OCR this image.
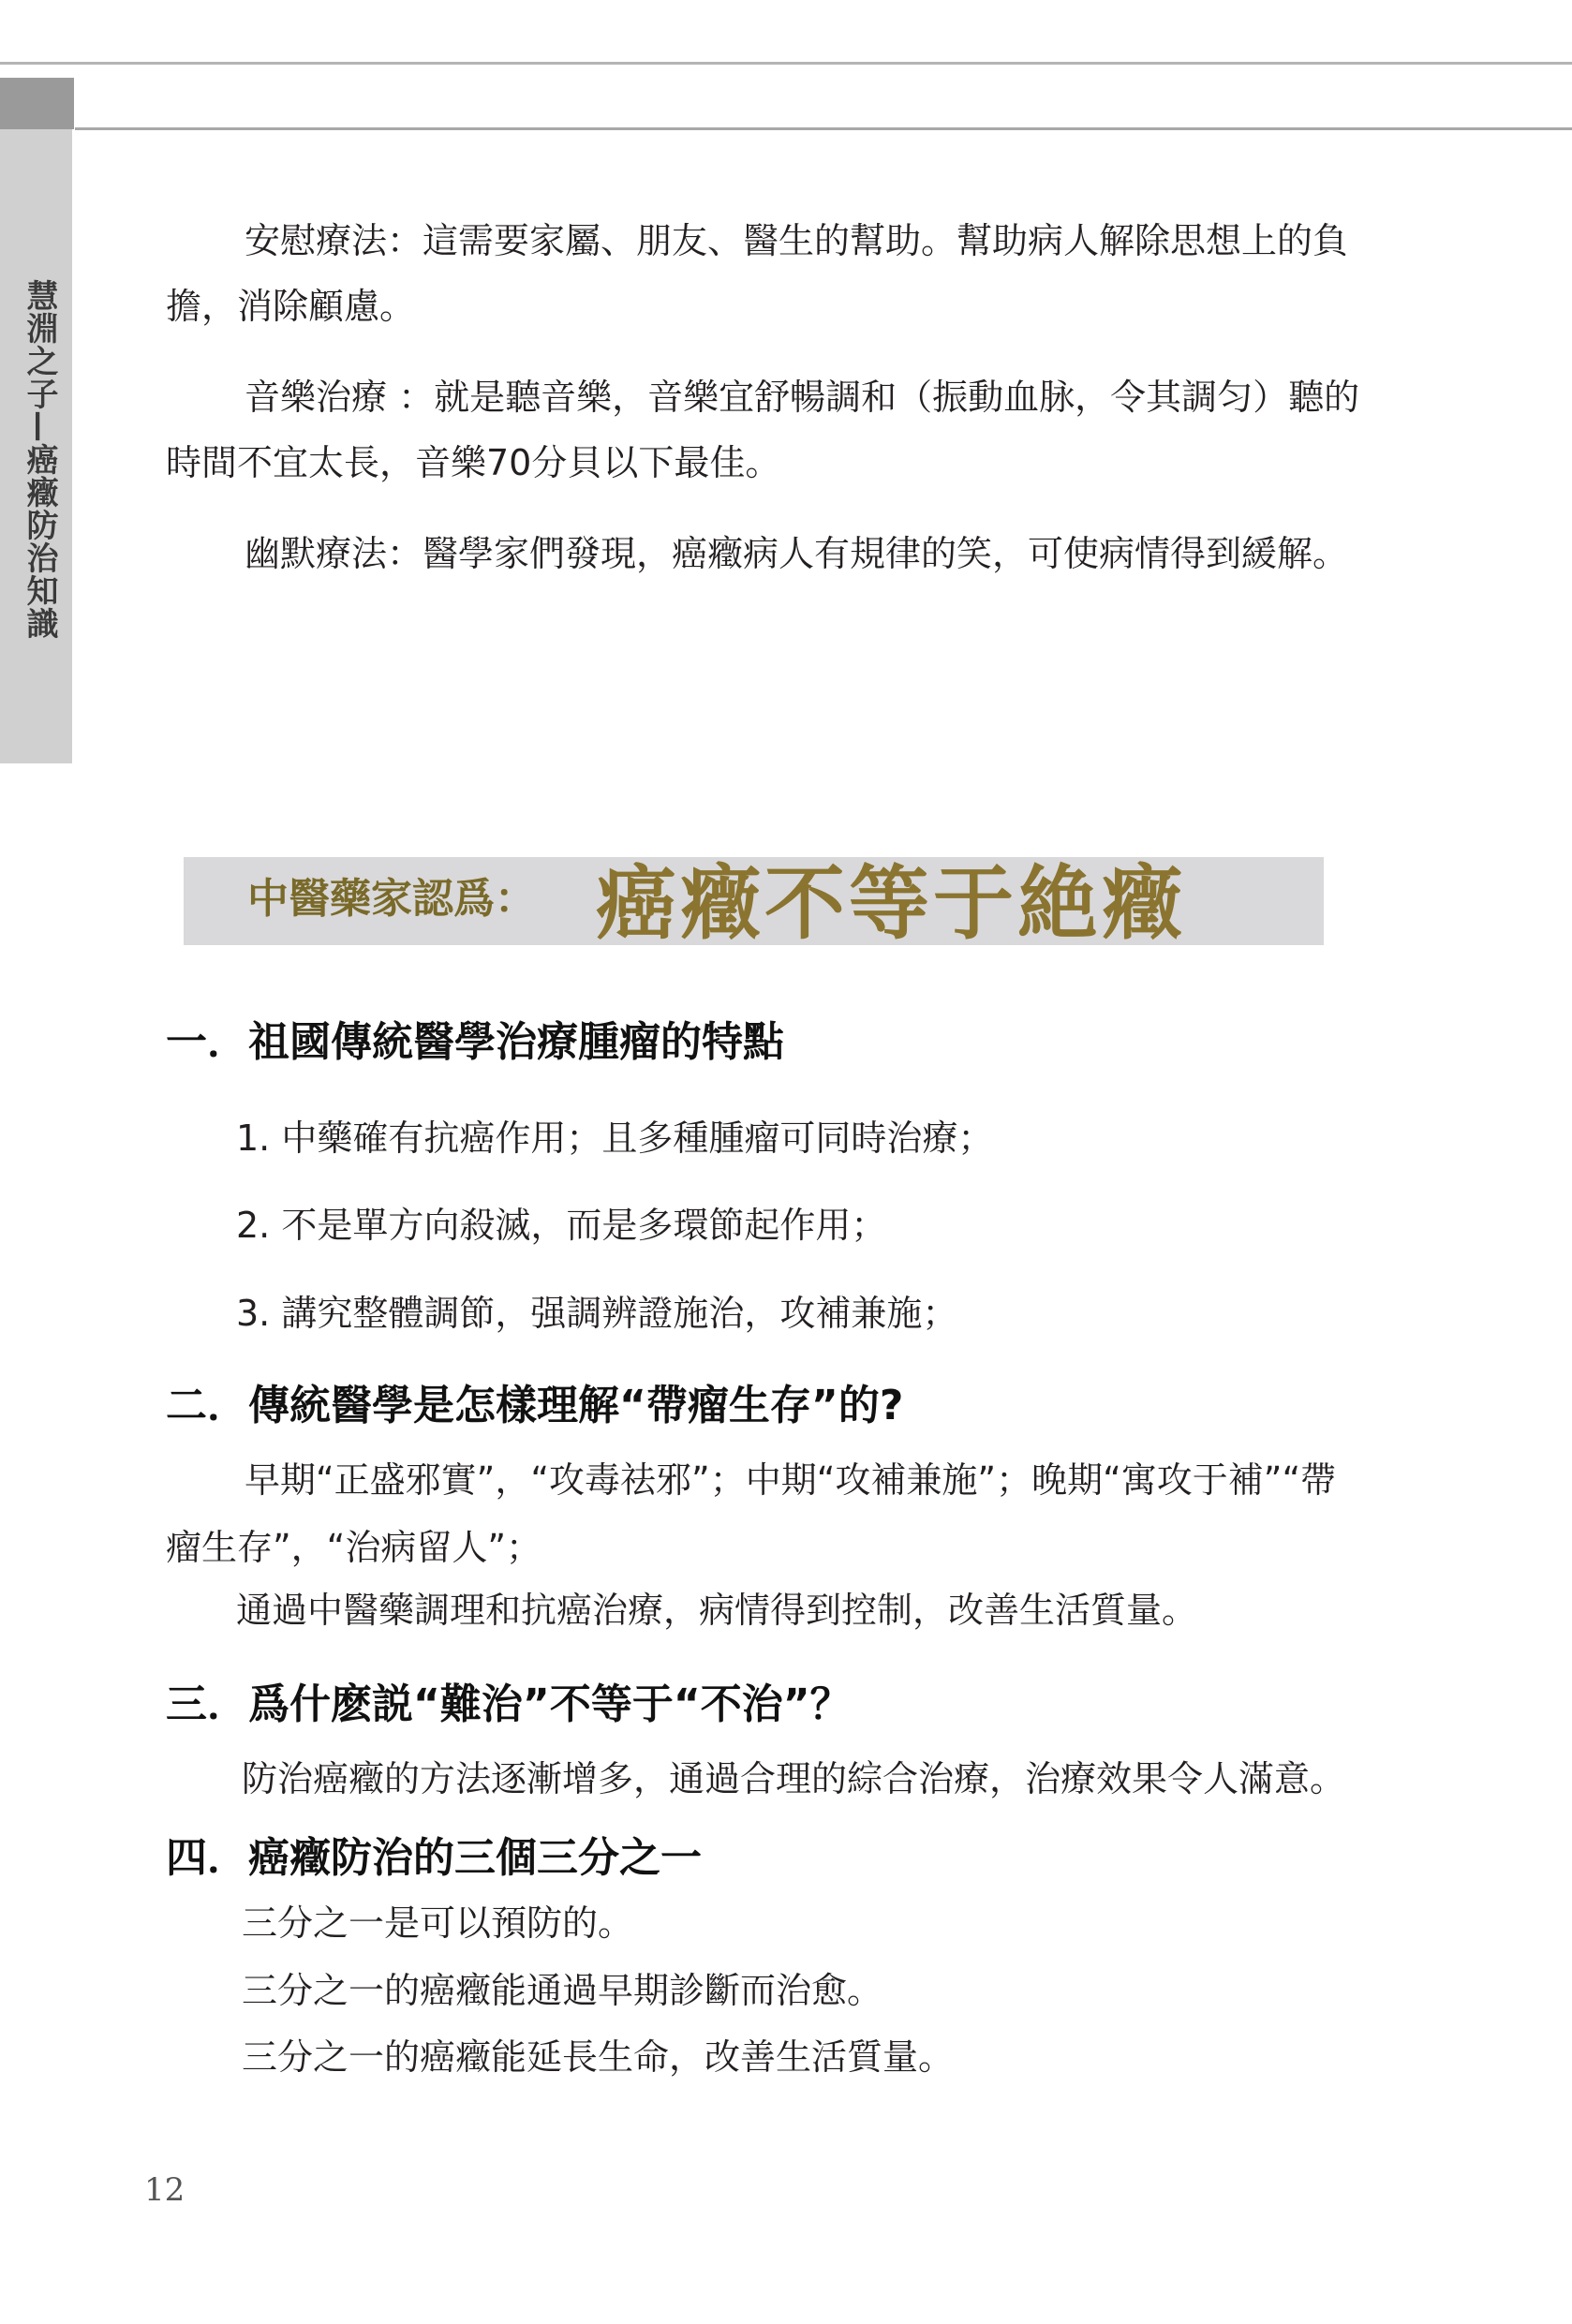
慧淵之子—癌癥防治知識

安慰療法：這需要家屬、朋友、醫生的幫助。幫助病人解除思想上的負擔，消除顧慮。

音樂治療 ：就是聽音樂，音樂宜舒暢調和（振動血脉，令其調匀）聽的時間不宜太長，音樂70分貝以下最佳。

幽默療法：醫學家們發現，癌癥病人有規律的笑，可使病情得到緩解。

中醫藥家認爲： 癌癥不等于絶癥
一．祖國傳統醫學治療腫瘤的特點
1. 中藥確有抗癌作用；且多種腫瘤可同時治療；
2. 不是單方向殺滅，而是多環節起作用；
3. 講究整體調節，强調辨證施治，攻補兼施；
二．傳統醫學是怎樣理解“帶瘤生存”的?

早期“正盛邪實”，“攻毒祛邪”；中期“攻補兼施”；晚期“寓攻于補”“帶瘤生存”，“治病留人”；

通過中醫藥調理和抗癌治療，病情得到控制，改善生活質量。
三．爲什麽説“難治”不等于“不治”？
防治癌癥的方法逐漸增多，通過合理的綜合治療，治療效果令人滿意。
四．癌癥防治的三個三分之一
三分之一是可以預防的。
三分之一的癌癥能通過早期診斷而治愈。
三分之一的癌癥能延長生命，改善生活質量。
12
